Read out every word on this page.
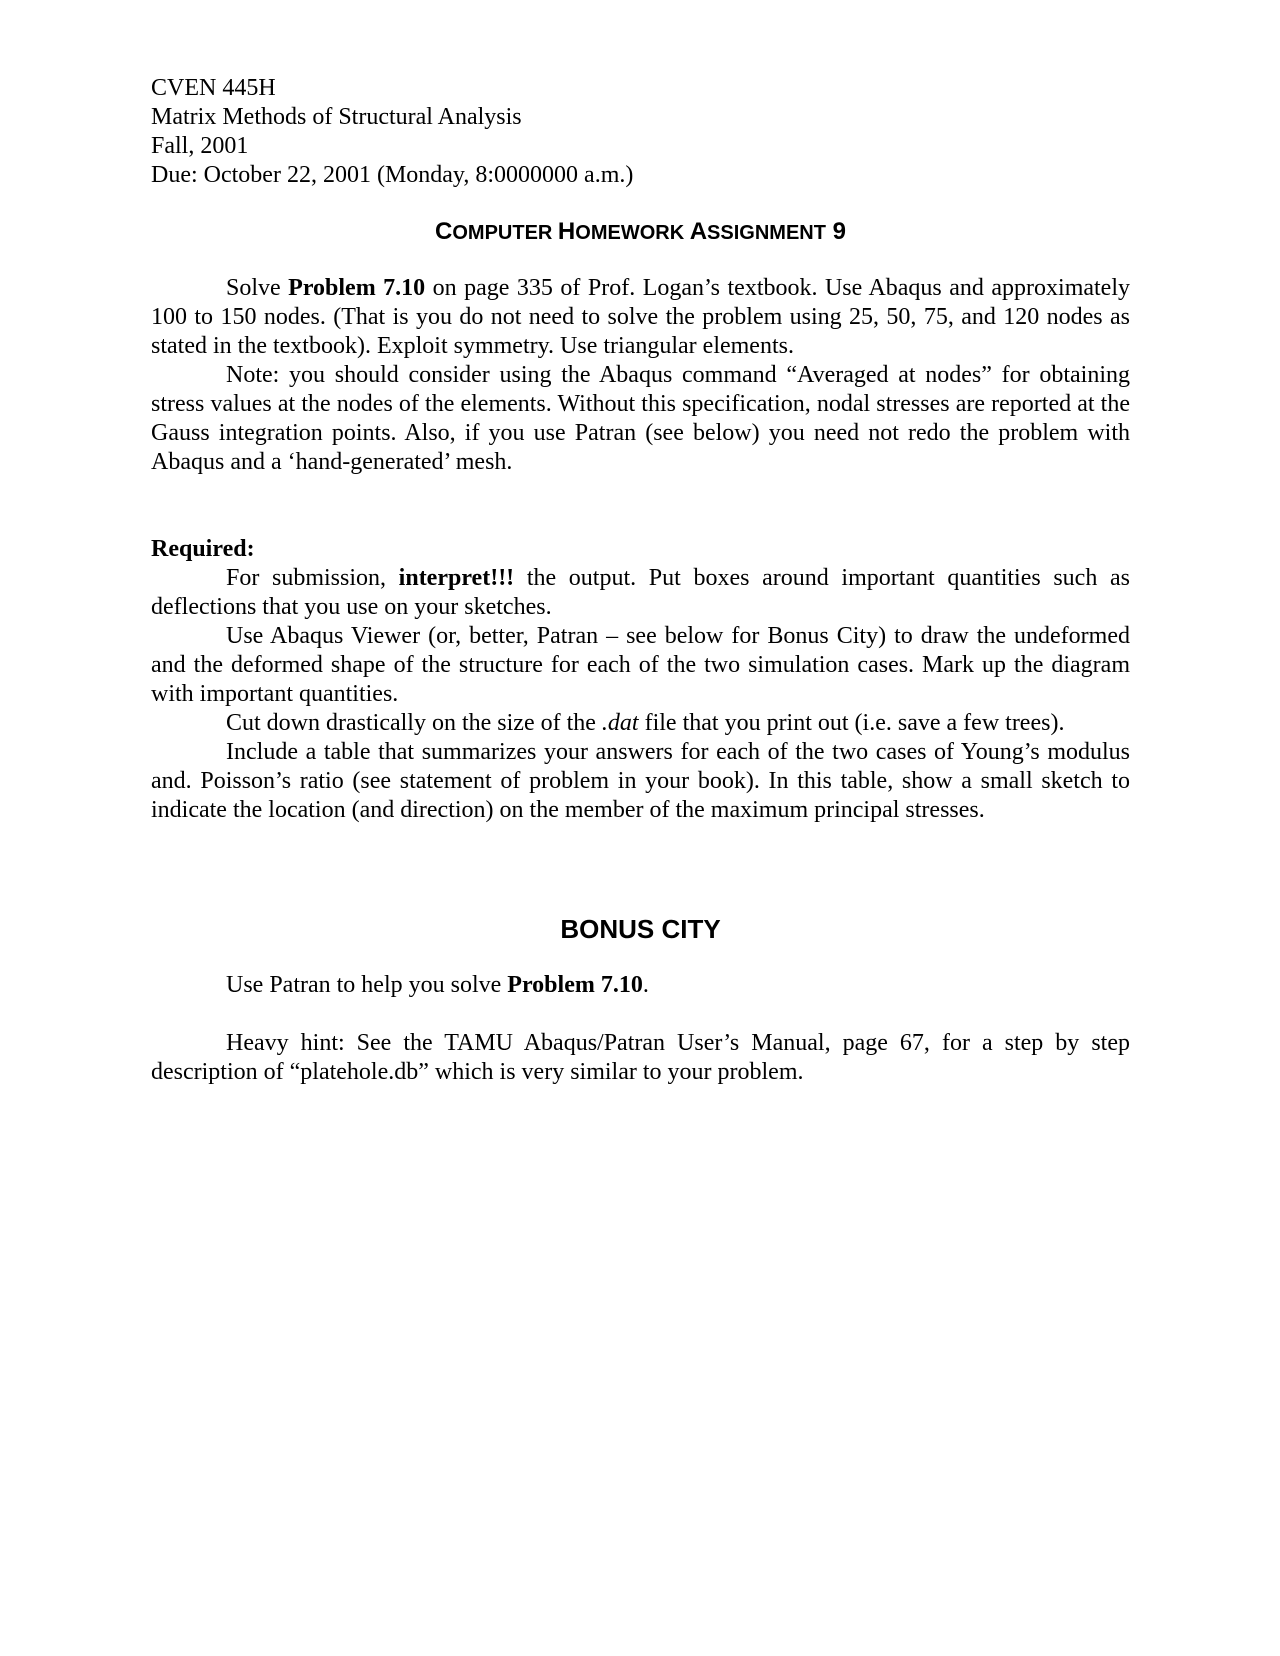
CVEN 445H
Matrix Methods of Structural Analysis
Fall, 2001
Due: October 22, 2001 (Monday, 8:0000000 a.m.)
COMPUTER HOMEWORK ASSIGNMENT 9

Solve Problem 7.10 on page 335 of Prof. Logan’s textbook. Use Abaqus and approximately 100 to 150 nodes. (That is you do not need to solve the problem using 25, 50, 75, and 120 nodes as stated in the textbook). Exploit symmetry. Use triangular elements.

Note: you should consider using the Abaqus command “Averaged at nodes” for obtaining stress values at the nodes of the elements. Without this specification, nodal stresses are reported at the Gauss integration points. Also, if you use Patran (see below) you need not redo the problem with Abaqus and a ‘hand-generated’ mesh.

Required:

For submission, interpret!!! the output. Put boxes around important quantities such as deflections that you use on your sketches.

Use Abaqus Viewer (or, better, Patran – see below for Bonus City) to draw the undeformed and the deformed shape of the structure for each of the two simulation cases. Mark up the diagram with important quantities.

Cut down drastically on the size of the .dat file that you print out (i.e. save a few trees).

Include a table that summarizes your answers for each of the two cases of Young’s modulus and. Poisson’s ratio (see statement of problem in your book). In this table, show a small sketch to indicate the location (and direction) on the member of the maximum principal stresses.

BONUS CITY

Use Patran to help you solve Problem 7.10.

Heavy hint: See the TAMU Abaqus/Patran User’s Manual, page 67, for a step by step description of “platehole.db” which is very similar to your problem.
